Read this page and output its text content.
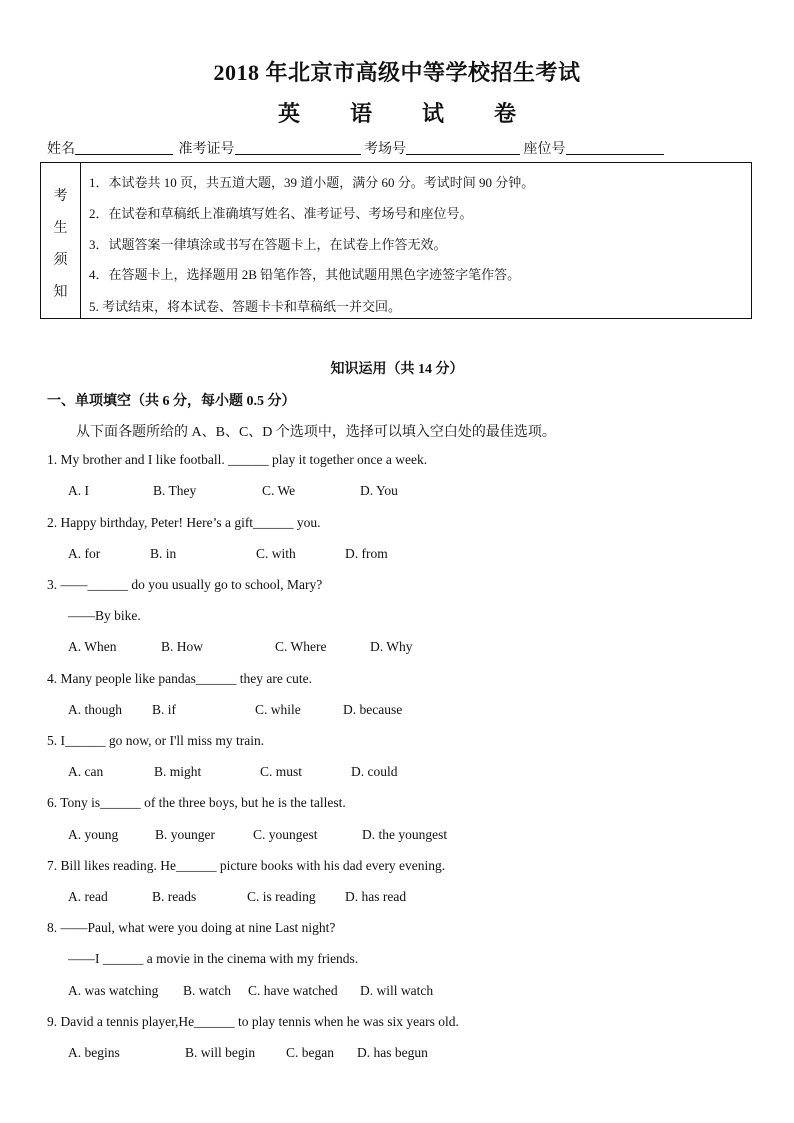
2018 年北京市高级中等学校招生考试
英 语 试 卷
姓名	准考证号	考场号	座位号
考
生
须
知
1．本试卷共 10 页，共五道大题，39 道小题，满分 60 分。考试时间 90 分钟。
2．在试卷和草稿纸上准确填写姓名、准考证号、考场号和座位号。
3．试题答案一律填涂或书写在答题卡上，在试卷上作答无效。
4．在答题卡上，选择题用 2B 铅笔作答，其他试题用黑色字迹签字笔作答。
5. 考试结束，将本试卷、答题卡卡和草稿纸一并交回。
知识运用（共 14 分）
一、单项填空（共 6 分，每小题 0.5 分）
从下面各题所给的 A、B、C、D 个选项中，选择可以填入空白处的最佳选项。
1. My brother and I like football. ______ play it together once a week.
A. I	B. They	C. We	D. You
2. Happy birthday, Peter! Here’s a gift______ you.
A. for	B. in	C. with	D. from
3. ——______ do you usually go to school, Mary?
——By bike.
A. When	B. How	C. Where	D. Why
4. Many people like pandas______ they are cute.
A. though B. if	C. while	D. because
5. I______ go now, or I'll miss my train.
A. can	B. might	C. must	D. could
6. Tony is______ of the three boys, but he is the tallest.
A. young	B. younger	C. youngest	D. the youngest
7. Bill likes reading. He______ picture books with his dad every evening.
A. read	B. reads	C. is reading D. has read
8. ——Paul, what were you doing at nine Last night?
——I ______ a movie in the cinema with my friends.
A. was watching B. watch C. have watched D. will watch
9. David a tennis player,He______ to play tennis when he was six years old.
A. begins	B. will begin C. began D. has begun
